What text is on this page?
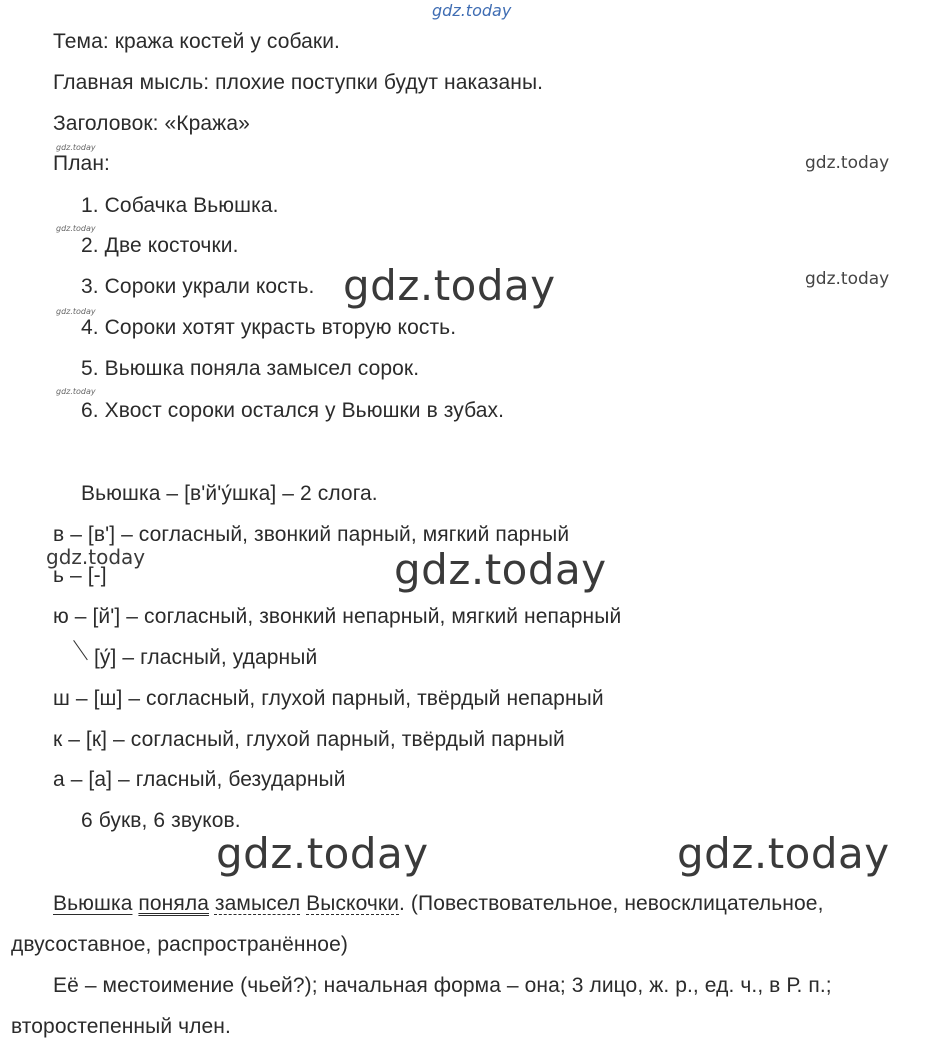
gdz.today
gdz.today
gdz.today
gdz.today
gdz.today
gdz.today
gdz.today
gdz.today
gdz.today
gdz.today
gdz.today	gdz.today
Тема: кража костей у собаки.
Главная мысль: плохие поступки будут наказаны.
Заголовок: «Кража»
План:
1. Собачка Вьюшка.
2. Две косточки.
3. Сороки украли кость.
4. Сороки хотят украсть вторую кость.
5. Вьюшка поняла замысел сорок.
6. Хвост сороки остался у Вьюшки в зубах.
Вьюшка – [в'й'у́шка] – 2 слога.
в – [в'] – согласный, звонкий парный, мягкий парный
ь – [-]
ю – [й'] – согласный, звонкий непарный, мягкий непарный
[у́] – гласный, ударный
ш – [ш] – согласный, глухой парный, твёрдый непарный
к – [к] – согласный, глухой парный, твёрдый парный
а – [а] – гласный, безударный
6 букв, 6 звуков.
Вьюшка поняла замысел Выскочки. (Повествовательное, невосклицательное,
двусоставное, распространённое)
Её – местоимение (чьей?); начальная форма – она; 3 лицо, ж. р., ед. ч., в Р. п.;
второстепенный член.
